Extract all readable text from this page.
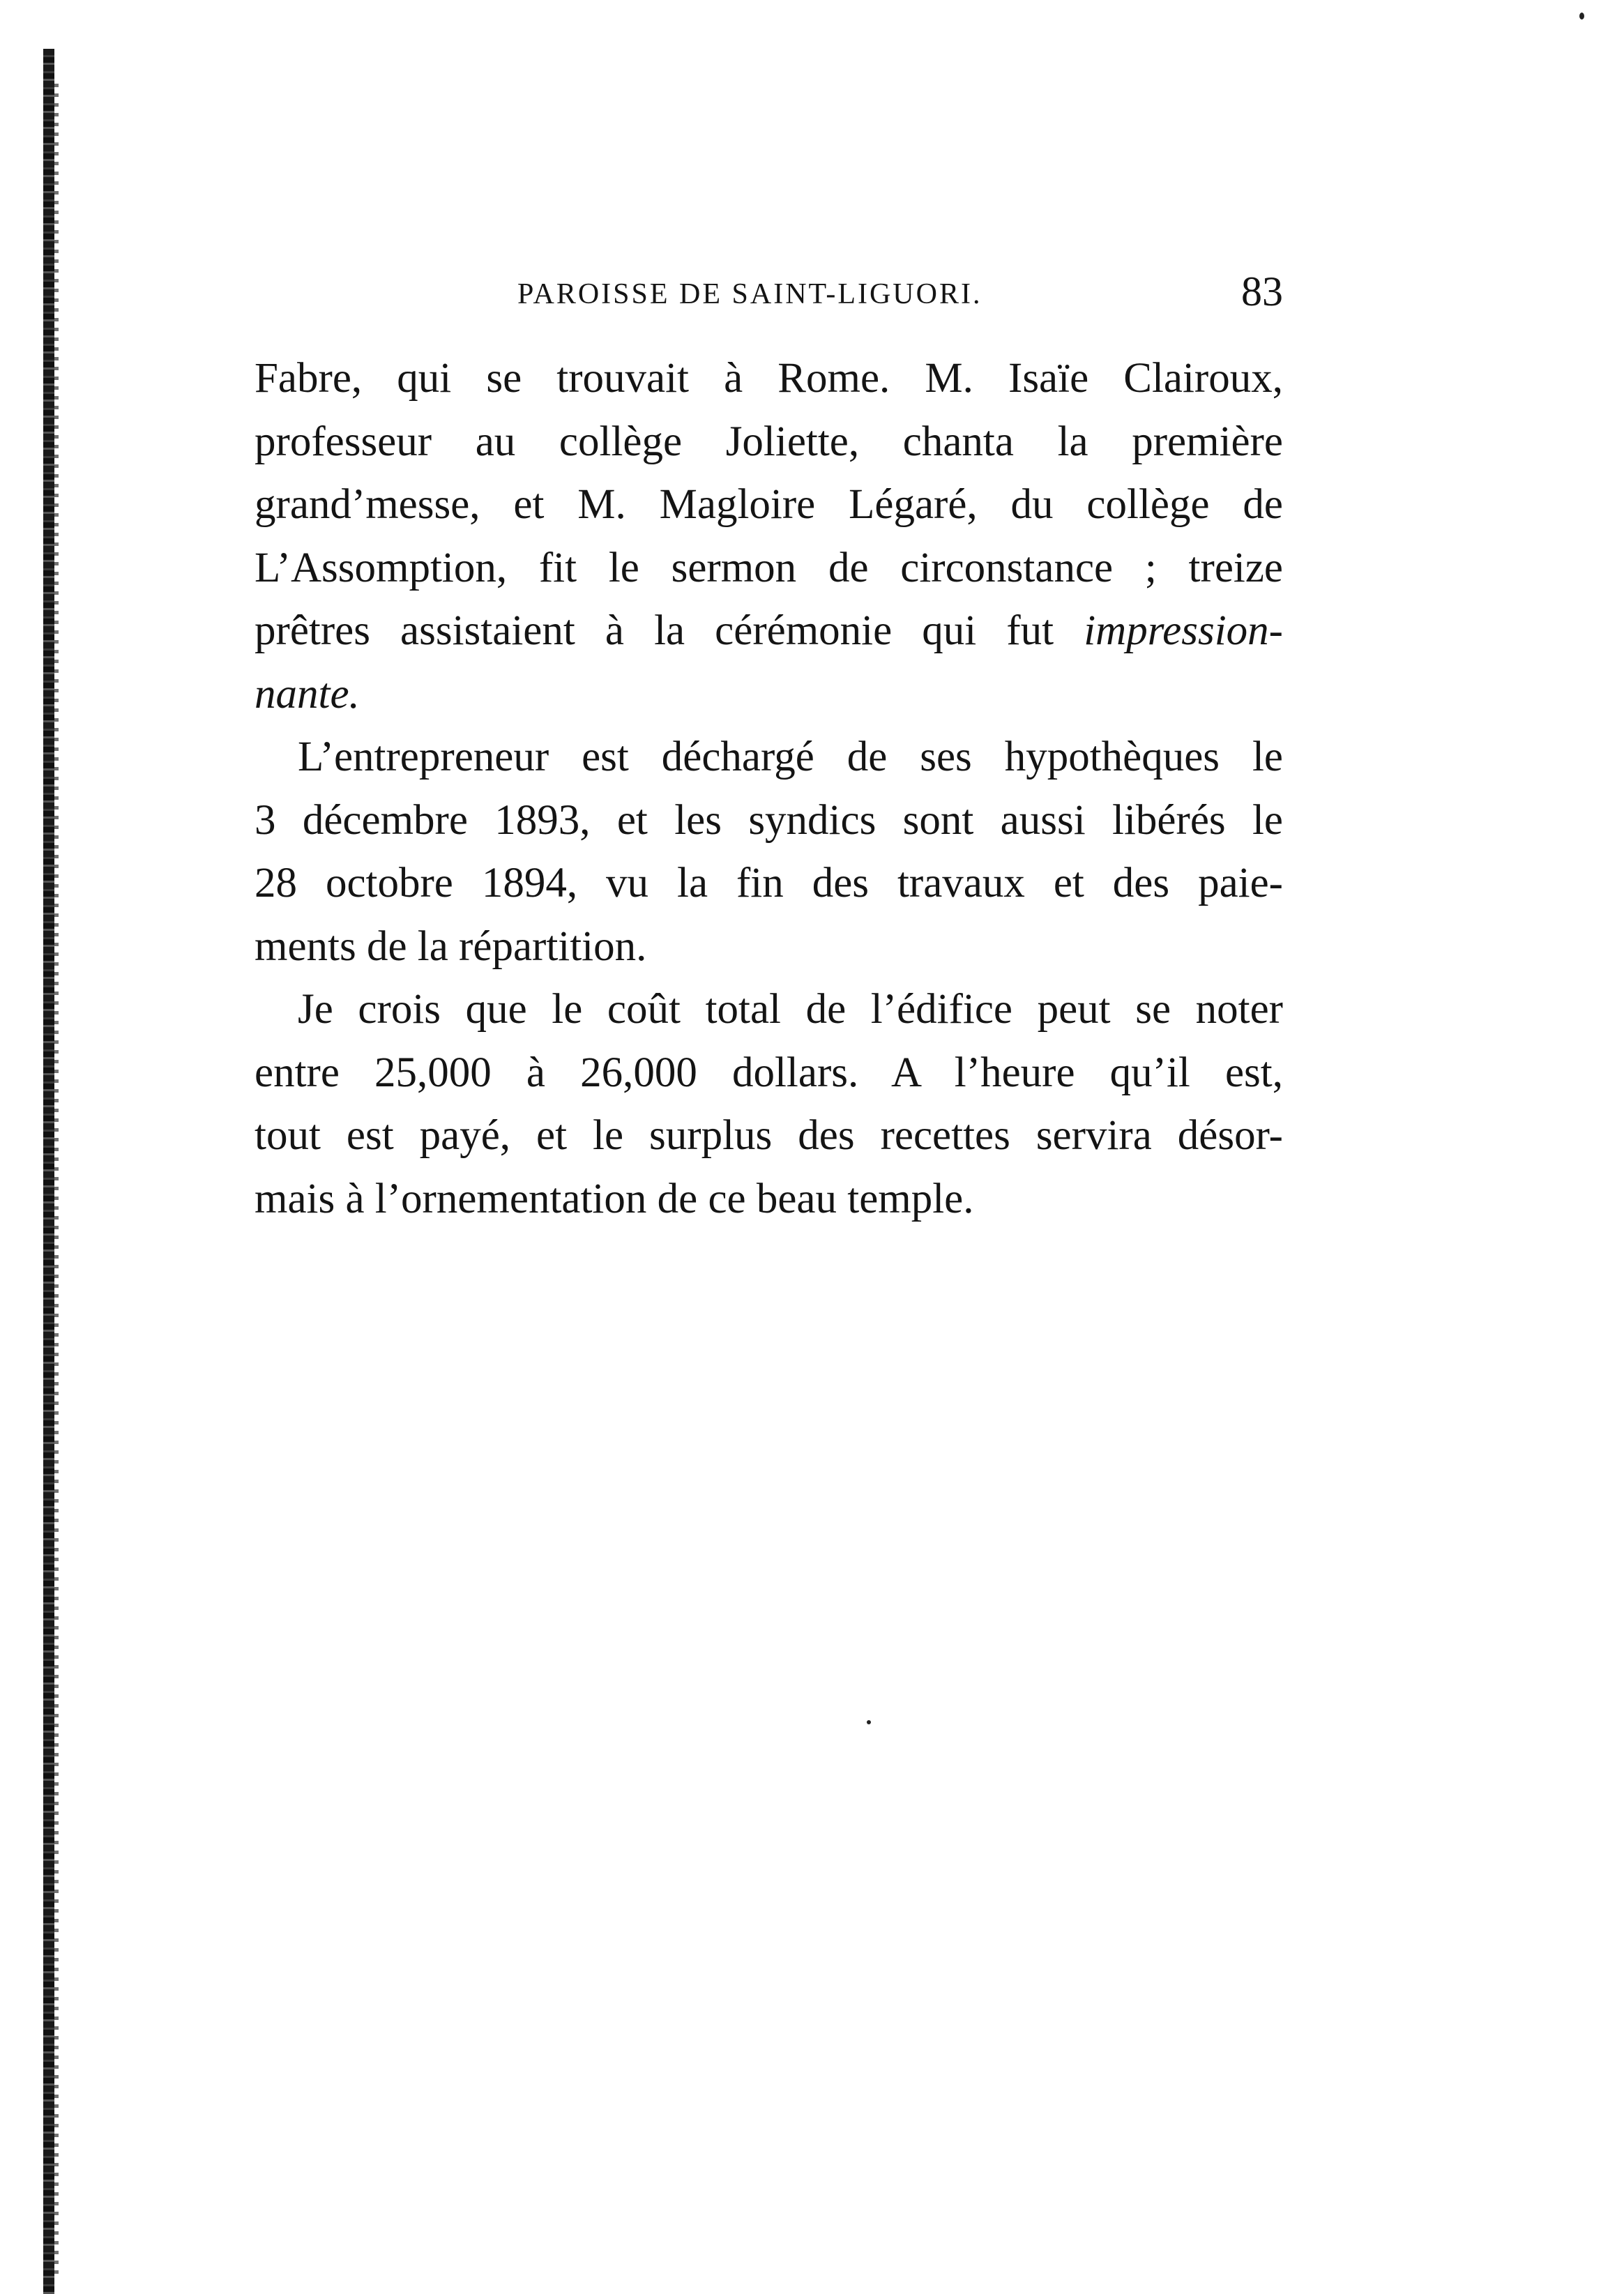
PAROISSE DE SAINT-LIGUORI.	83
Fabre, qui se trouvait à Rome. M. Isaïe Clairoux,
professeur au collège Joliette, chanta la première
grand’messe, et M. Magloire Légaré, du collège de
L’Assomption, fit le sermon de circonstance ; treize
prêtres assistaient à la cérémonie qui fut impression-
nante.
L’entrepreneur est déchargé de ses hypothèques le
3 décembre 1893, et les syndics sont aussi libérés le
28 octobre 1894, vu la fin des travaux et des paie-
ments de la répartition.
Je crois que le coût total de l’édifice peut se noter
entre 25,000 à 26,000 dollars. A l’heure qu’il est,
tout est payé, et le surplus des recettes servira désor-
mais à l’ornementation de ce beau temple.
